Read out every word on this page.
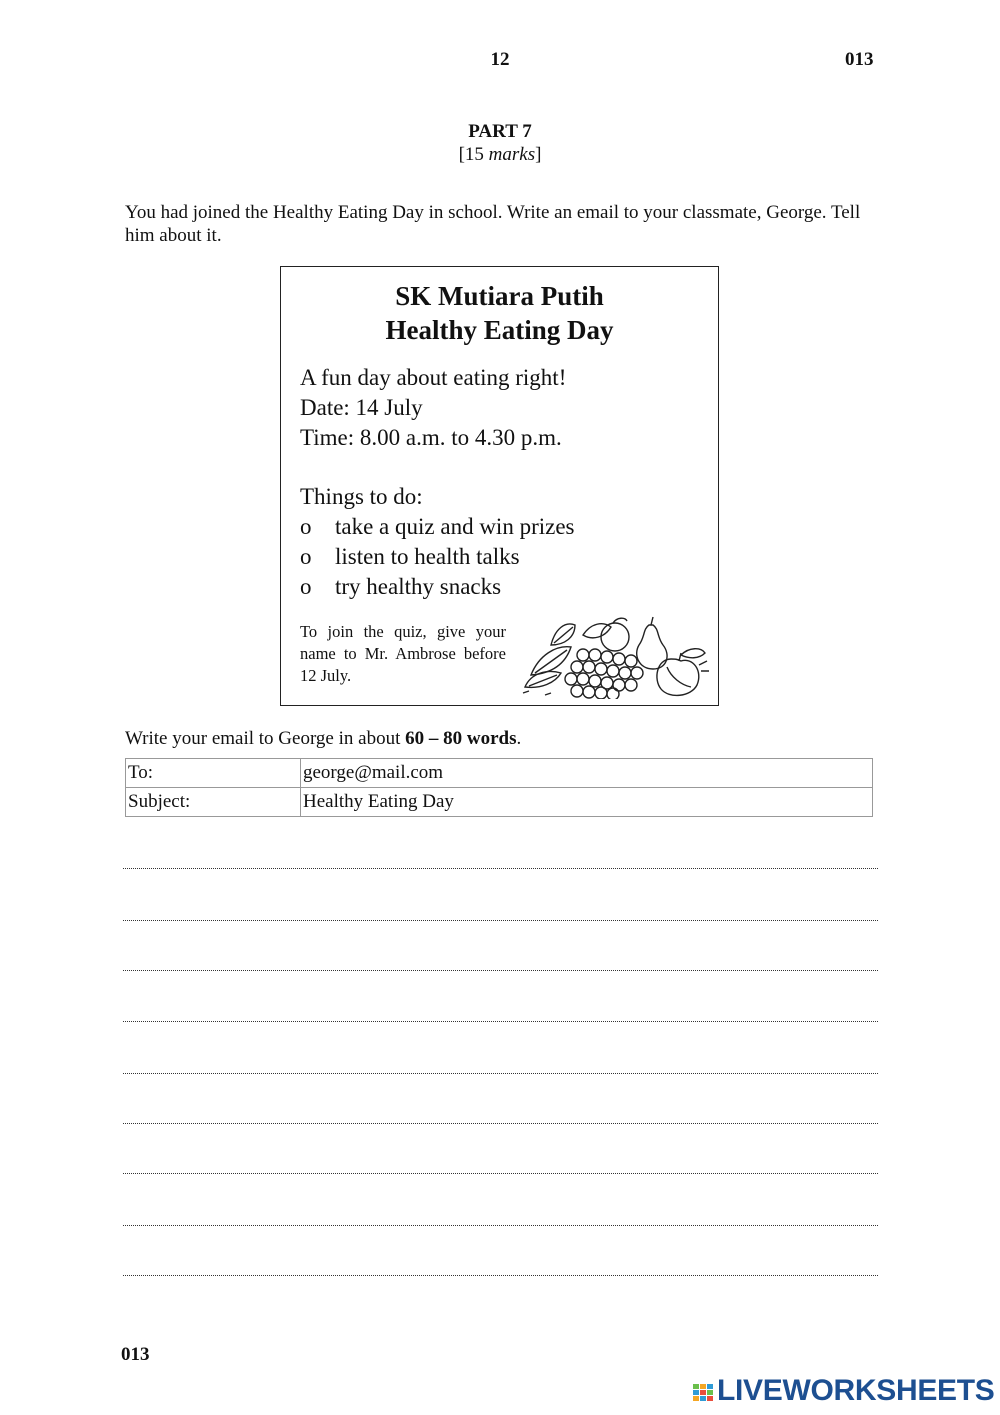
12	013
PART 7
[15 marks]
You had joined the Healthy Eating Day in school. Write an email to your classmate, George. Tell him about it.
SK Mutiara Putih
Healthy Eating Day
A fun day about eating right!
Date: 14 July
Time: 8.00 a.m. to 4.30 p.m.
Things to do:
o take a quiz and win prizes
o listen to health talks
o try healthy snacks
To join the quiz, give your name to Mr. Ambrose before 12 July.
Write your email to George in about 60 – 80 words.
To:	george@mail.com
Subject:	Healthy Eating Day
013
LIVEWORKSHEETS
